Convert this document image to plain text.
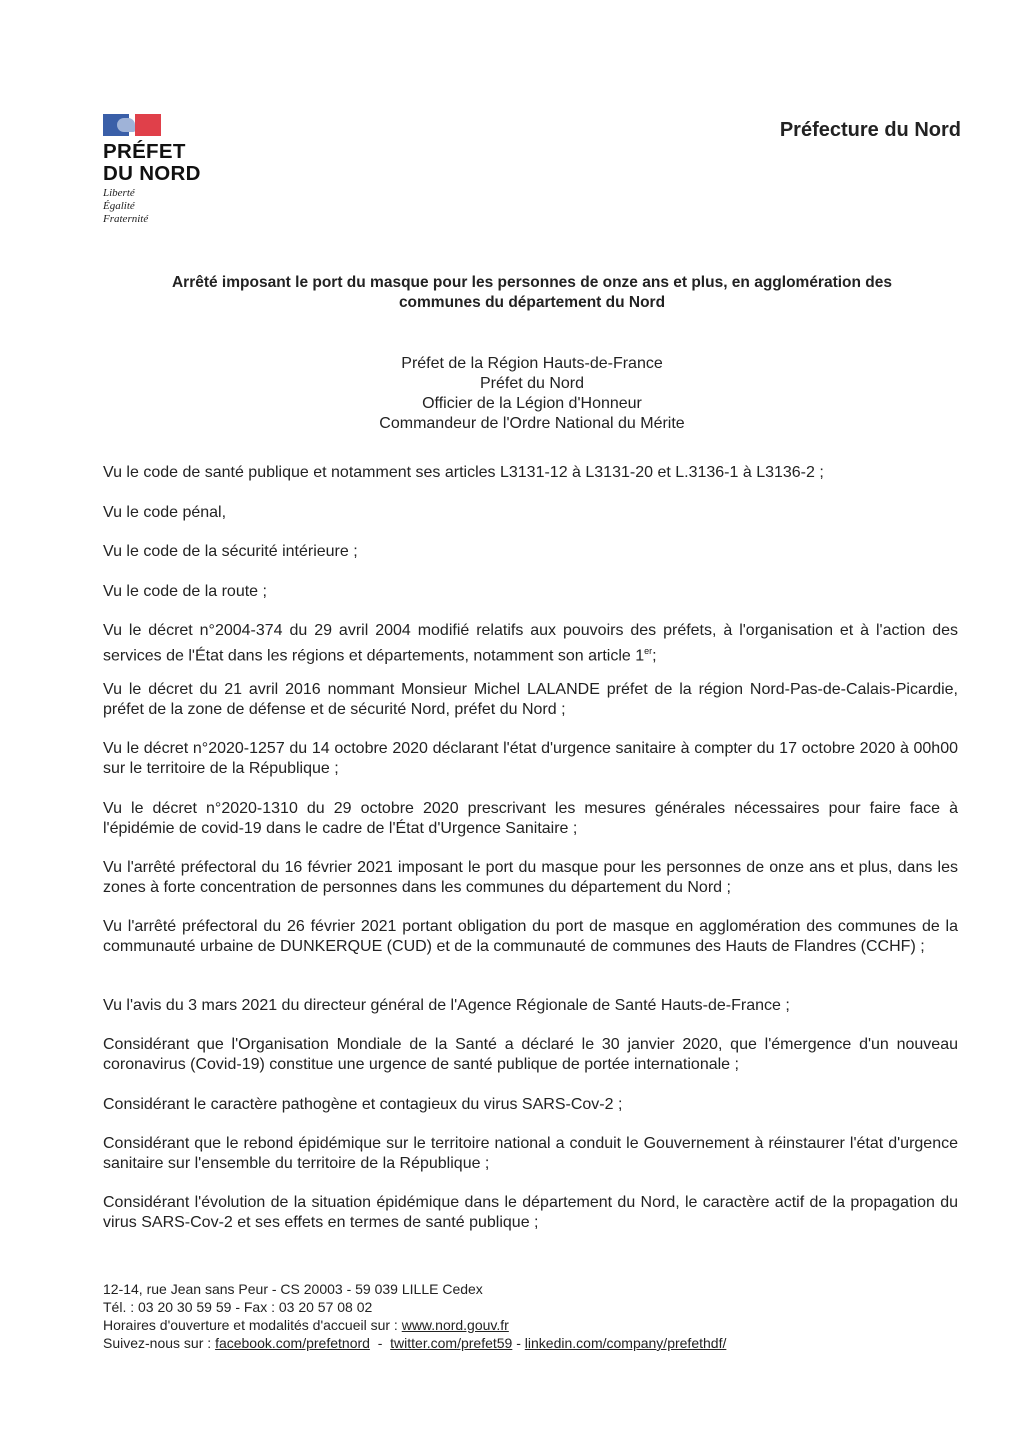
PRÉFET
DU NORD
Liberté
Égalité
Fraternité
Préfecture du Nord
Arrêté imposant le port du masque pour les personnes de onze ans et plus, en agglomération des
communes du département du Nord
Préfet de la Région Hauts-de-France
Préfet du Nord
Officier de la Légion d'Honneur
Commandeur de l'Ordre National du Mérite
Vu le code de santé publique et notamment ses articles L3131-12 à L3131-20 et L.3136-1 à L3136-2 ;
Vu le code pénal,
Vu le code de la sécurité intérieure ;
Vu le code de la route ;
Vu le décret n°2004-374 du 29 avril 2004 modifié relatifs aux pouvoirs des préfets, à l'organisation et à l'action des services de l'État dans les régions et départements, notamment son article 1er;
Vu le décret du 21 avril 2016 nommant Monsieur Michel LALANDE préfet de la région Nord-Pas-de-Calais-Picardie, préfet de la zone de défense et de sécurité Nord, préfet du Nord ;
Vu le décret n°2020-1257 du 14 octobre 2020 déclarant l'état d'urgence sanitaire à compter du 17 octobre 2020 à 00h00 sur le territoire de la République ;
Vu le décret n°2020-1310 du 29 octobre 2020 prescrivant les mesures générales nécessaires pour faire face à l'épidémie de covid-19 dans le cadre de l'État d'Urgence Sanitaire ;
Vu l'arrêté préfectoral du 16 février 2021 imposant le port du masque pour les personnes de onze ans et plus, dans les zones à forte concentration de personnes dans les communes du département du Nord ;
Vu l'arrêté préfectoral du 26 février 2021 portant obligation du port de masque en agglomération des communes de la communauté urbaine de DUNKERQUE (CUD) et de la communauté de communes des Hauts de Flandres (CCHF) ;
Vu l'avis du 3 mars 2021 du directeur général de l'Agence Régionale de Santé Hauts-de-France ;
Considérant que l'Organisation Mondiale de la Santé a déclaré le 30 janvier 2020, que l'émergence d'un nouveau coronavirus (Covid-19) constitue une urgence de santé publique de portée internationale ;
Considérant le caractère pathogène et contagieux du virus SARS-Cov-2 ;
Considérant que le rebond épidémique sur le territoire national a conduit le Gouvernement à réinstaurer l'état d'urgence sanitaire sur l'ensemble du territoire de la République ;
Considérant l'évolution de la situation épidémique dans le département du Nord, le caractère actif de la propagation du virus SARS-Cov-2 et ses effets en termes de santé publique ;
12-14, rue Jean sans Peur - CS 20003 - 59 039 LILLE Cedex
Tél. : 03 20 30 59 59 - Fax : 03 20 57 08 02
Horaires d'ouverture et modalités d'accueil sur : www.nord.gouv.fr
Suivez-nous sur : facebook.com/prefetnord  -  twitter.com/prefet59 - linkedin.com/company/prefethdf/
